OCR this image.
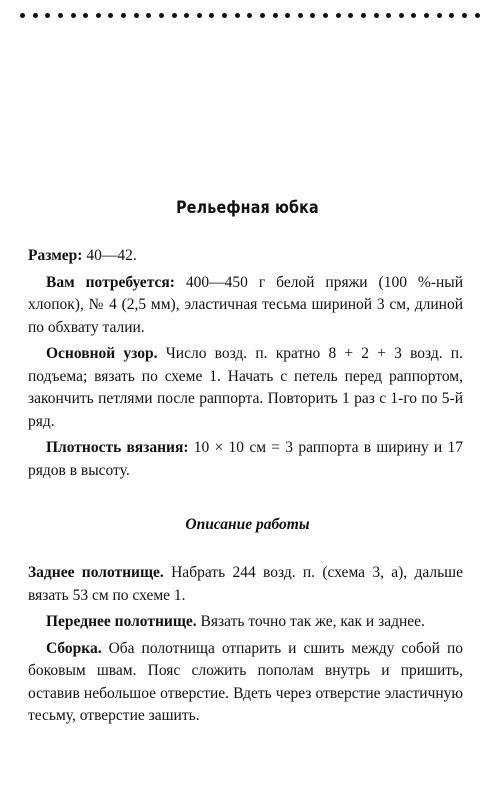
Рельефная юбка

Размер: 40—42.

Вам потребуется: 400—450 г белой пряжи (100 %-ный хлопок), № 4 (2,5 мм), эластичная тесьма шириной 3 см, длиной по обхвату талии.

Основной узор. Число возд. п. кратно 8 + 2 + 3 возд. п. подъема; вязать по схеме 1. Начать с петель перед раппортом, закончить петлями после раппорта. Повторить 1 раз с 1-го по 5-й ряд.

Плотность вязания: 10 × 10 см = 3 раппорта в ширину и 17 рядов в высоту.

Описание работы

Заднее полотнище. Набрать 244 возд. п. (схема 3, а), дальше вязать 53 см по схеме 1.

Переднее полотнище. Вязать точно так же, как и заднее.

Сборка. Оба полотнища отпарить и сшить между собой по боковым швам. Пояс сложить пополам внутрь и пришить, оставив небольшое отверстие. Вдеть через отверстие эластичную тесьму, отверстие зашить.
